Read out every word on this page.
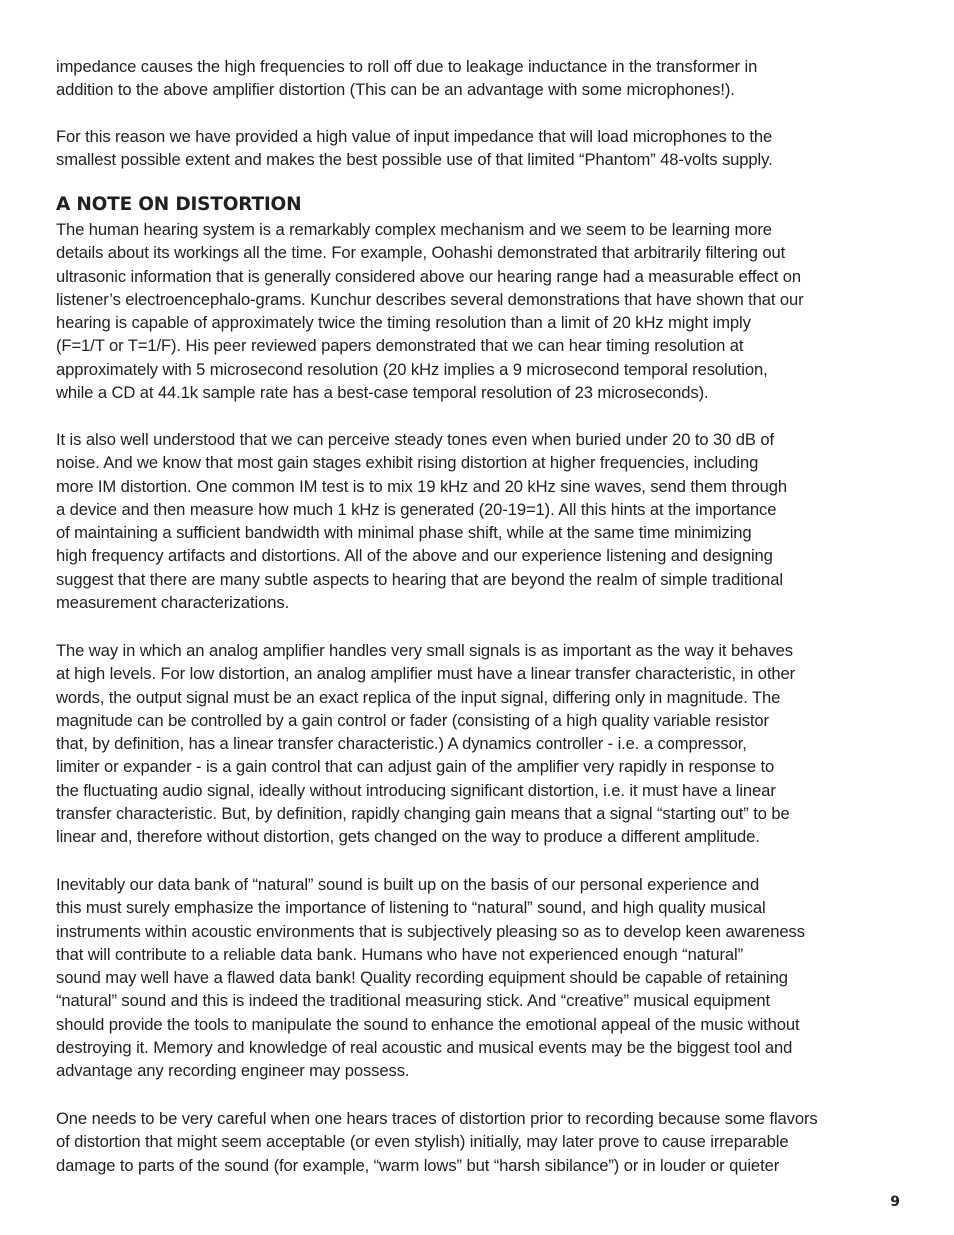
impedance causes the high frequencies to roll off due to leakage inductance in the transformer in
addition to the above amplifier distortion (This can be an advantage with some microphones!).

For this reason we have provided a high value of input impedance that will load microphones to the
smallest possible extent and makes the best possible use of that limited “Phantom” 48-volts supply.

A NOTE ON DISTORTION

The human hearing system is a remarkably complex mechanism and we seem to be learning more
details about its workings all the time. For example, Oohashi demonstrated that arbitrarily filtering out
ultrasonic information that is generally considered above our hearing range had a measurable effect on
listener’s electroencephalo-grams. Kunchur describes several demonstrations that have shown that our
hearing is capable of approximately twice the timing resolution than a limit of 20 kHz might imply
(F=1/T or T=1/F). His peer reviewed papers demonstrated that we can hear timing resolution at
approximately with 5 microsecond resolution (20 kHz implies a 9 microsecond temporal resolution,
while a CD at 44.1k sample rate has a best-case temporal resolution of 23 microseconds).

It is also well understood that we can perceive steady tones even when buried under 20 to 30 dB of
noise. And we know that most gain stages exhibit rising distortion at higher frequencies, including
more IM distortion. One common IM test is to mix 19 kHz and 20 kHz sine waves, send them through
a device and then measure how much 1 kHz is generated (20-19=1). All this hints at the importance
of maintaining a sufficient bandwidth with minimal phase shift, while at the same time minimizing
high frequency artifacts and distortions. All of the above and our experience listening and designing
suggest that there are many subtle aspects to hearing that are beyond the realm of simple traditional
measurement characterizations.

The way in which an analog amplifier handles very small signals is as important as the way it behaves
at high levels. For low distortion, an analog amplifier must have a linear transfer characteristic, in other
words, the output signal must be an exact replica of the input signal, differing only in magnitude. The
magnitude can be controlled by a gain control or fader (consisting of a high quality variable resistor
that, by definition, has a linear transfer characteristic.) A dynamics controller - i.e. a compressor,
limiter or expander - is a gain control that can adjust gain of the amplifier very rapidly in response to
the fluctuating audio signal, ideally without introducing significant distortion, i.e. it must have a linear
transfer characteristic. But, by definition, rapidly changing gain means that a signal “starting out” to be
linear and, therefore without distortion, gets changed on the way to produce a different amplitude.

Inevitably our data bank of “natural” sound is built up on the basis of our personal experience and
this must surely emphasize the importance of listening to “natural” sound, and high quality musical
instruments within acoustic environments that is subjectively pleasing so as to develop keen awareness
that will contribute to a reliable data bank. Humans who have not experienced enough “natural”
sound may well have a flawed data bank! Quality recording equipment should be capable of retaining
“natural” sound and this is indeed the traditional measuring stick. And “creative” musical equipment
should provide the tools to manipulate the sound to enhance the emotional appeal of the music without
destroying it. Memory and knowledge of real acoustic and musical events may be the biggest tool and
advantage any recording engineer may possess.

One needs to be very careful when one hears traces of distortion prior to recording because some flavors
of distortion that might seem acceptable (or even stylish) initially, may later prove to cause irreparable
damage to parts of the sound (for example, “warm lows” but “harsh sibilance”) or in louder or quieter

9
